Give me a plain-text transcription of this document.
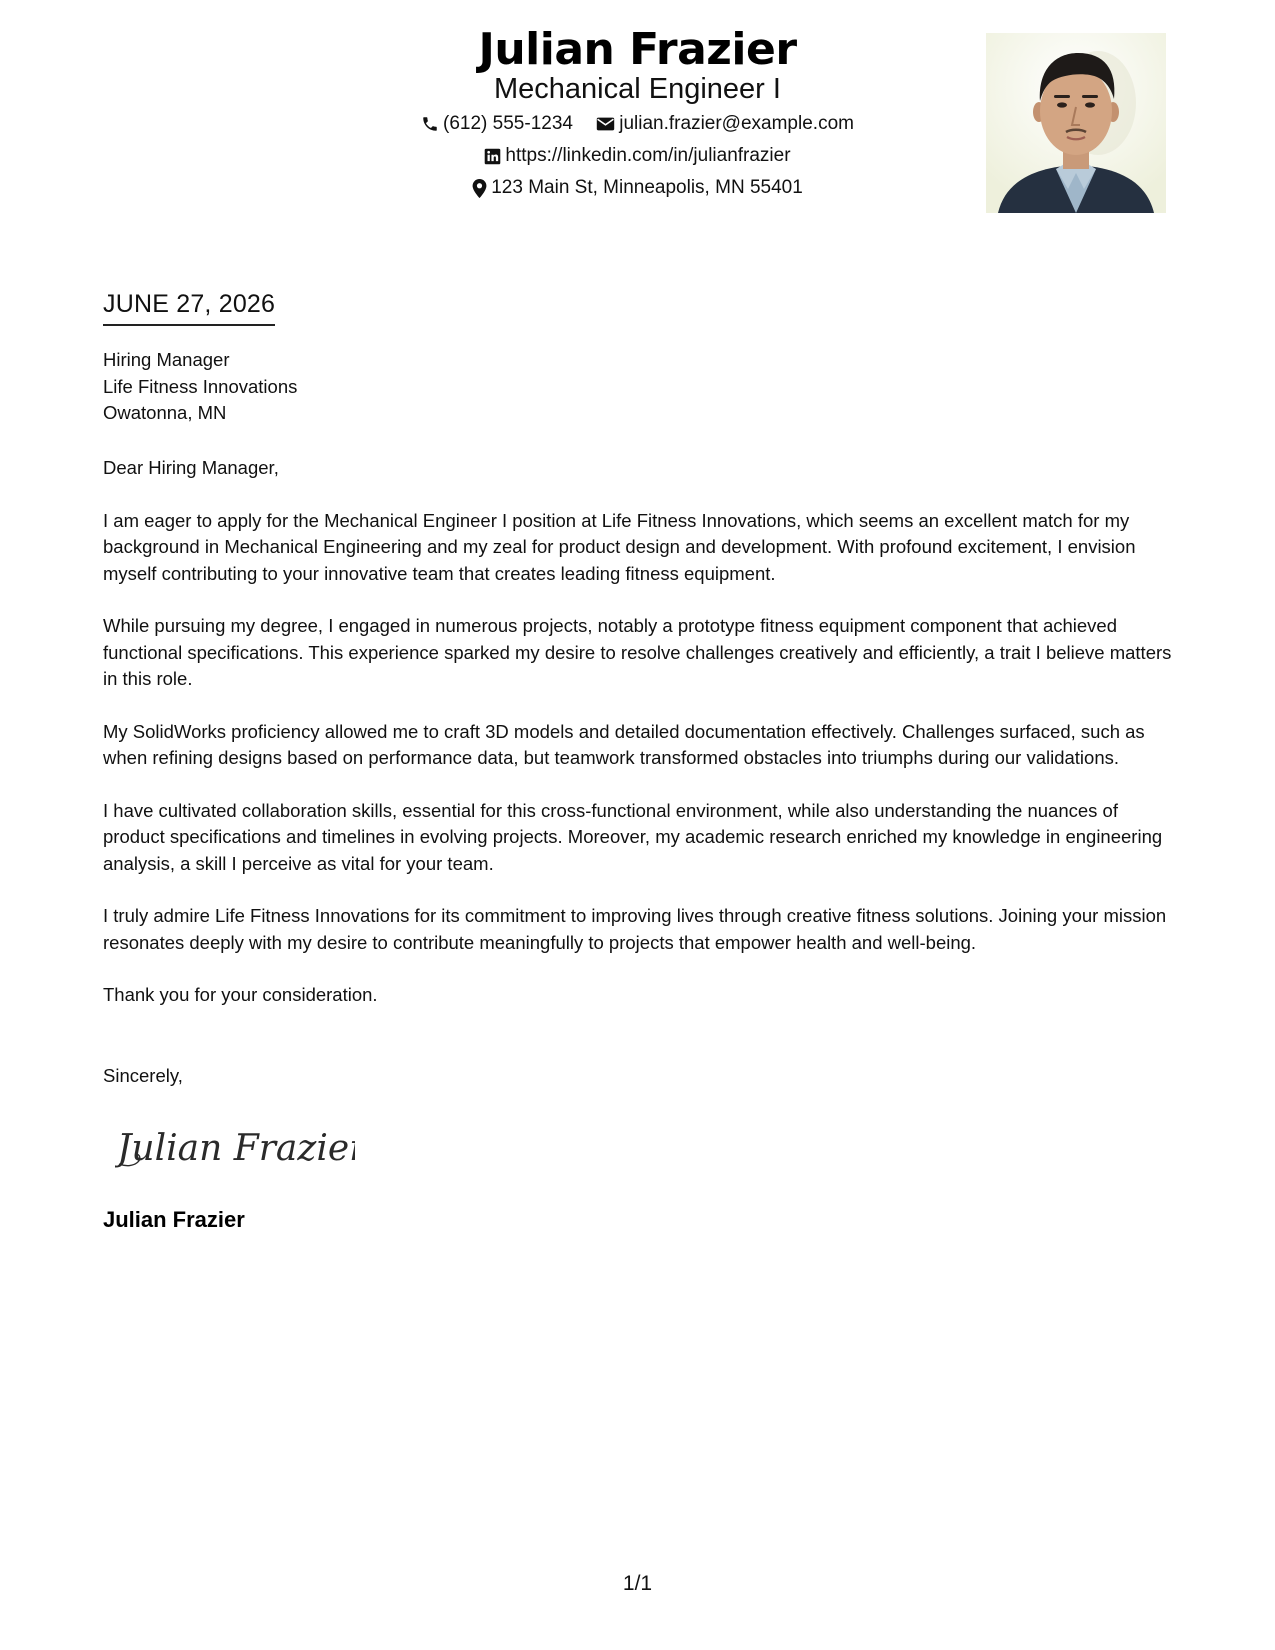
Julian Frazier
Mechanical Engineer I
(612) 555-1234
julian.frazier@example.com
https://linkedin.com/in/julianfrazier
123 Main St, Minneapolis, MN 55401
JUNE 27, 2026
Hiring Manager
Life Fitness Innovations
Owatonna, MN

Dear Hiring Manager,

I am eager to apply for the Mechanical Engineer I position at Life Fitness Innovations, which seems an excellent match for my background in Mechanical Engineering and my zeal for product design and development. With profound excitement, I envision myself contributing to your innovative team that creates leading fitness equipment.

While pursuing my degree, I engaged in numerous projects, notably a prototype fitness equipment component that achieved functional specifications. This experience sparked my desire to resolve challenges creatively and efficiently, a trait I believe matters in this role.

My SolidWorks proficiency allowed me to craft 3D models and detailed documentation effectively. Challenges surfaced, such as when refining designs based on performance data, but teamwork transformed obstacles into triumphs during our validations.

I have cultivated collaboration skills, essential for this cross-functional environment, while also understanding the nuances of product specifications and timelines in evolving projects. Moreover, my academic research enriched my knowledge in engineering analysis, a skill I perceive as vital for your team.

I truly admire Life Fitness Innovations for its commitment to improving lives through creative fitness solutions. Joining your mission resonates deeply with my desire to contribute meaningfully to projects that empower health and well-being.

Thank you for your consideration.

Sincerely,
Julian Frazier
Julian Frazier
1/1
